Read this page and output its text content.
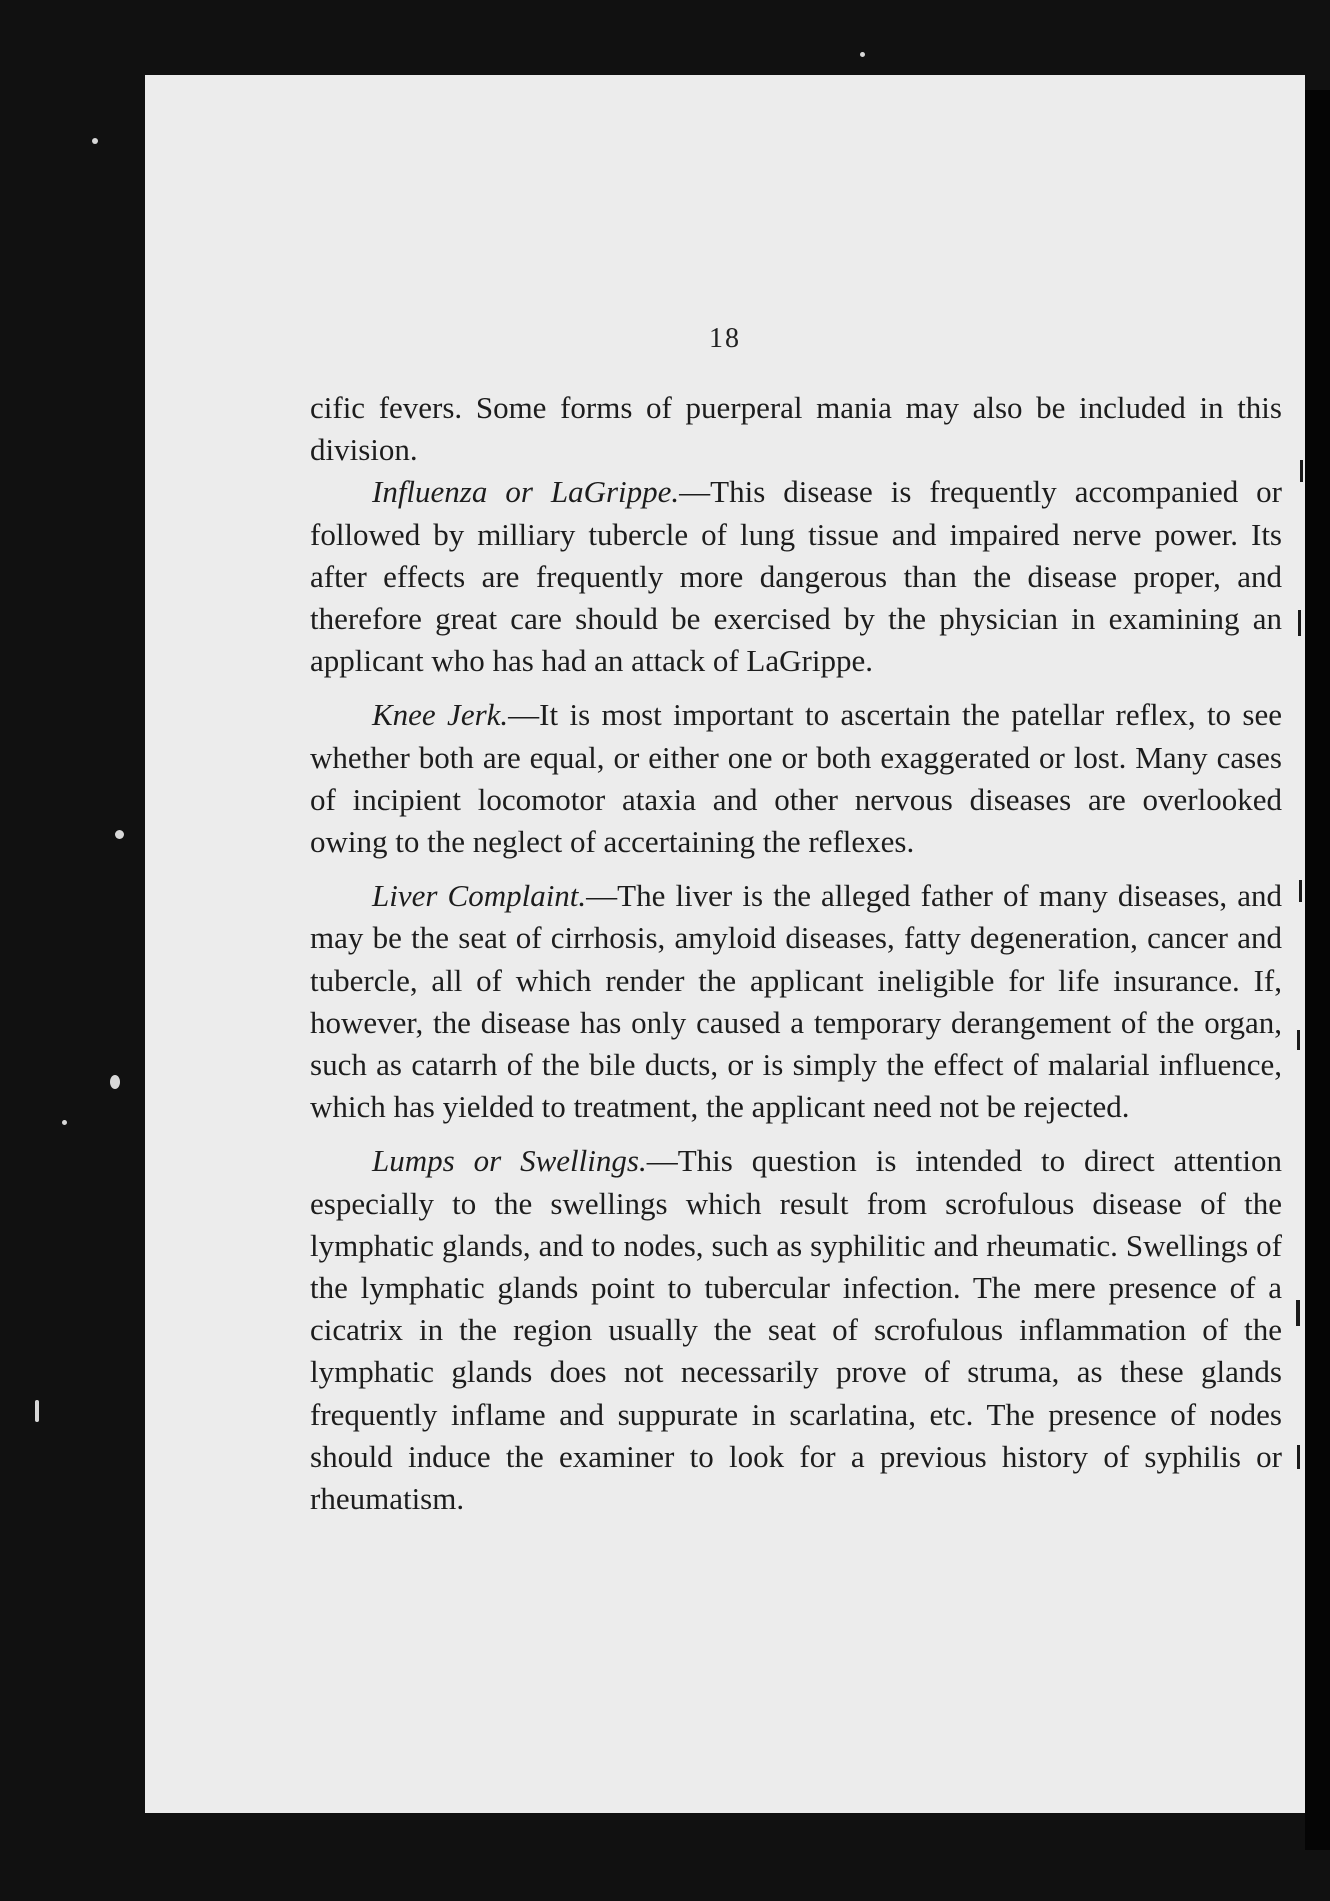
18

cific fevers. Some forms of puerperal mania may also be included in this division.

Influenza or LaGrippe.—This disease is frequently accompanied or followed by milliary tubercle of lung tissue and impaired nerve power. Its after effects are frequently more dangerous than the disease proper, and therefore great care should be exercised by the physician in examining an applicant who has had an attack of LaGrippe.

Knee Jerk.—It is most important to ascertain the patellar reflex, to see whether both are equal, or either one or both exaggerated or lost. Many cases of incipient locomotor ataxia and other nervous diseases are overlooked owing to the neglect of accertaining the reflexes.

Liver Complaint.—The liver is the alleged father of many diseases, and may be the seat of cirrhosis, amyloid diseases, fatty degeneration, cancer and tubercle, all of which render the applicant ineligible for life insurance. If, however, the disease has only caused a temporary derangement of the organ, such as catarrh of the bile ducts, or is simply the effect of malarial influence, which has yielded to treatment, the applicant need not be rejected.

Lumps or Swellings.—This question is intended to direct attention especially to the swellings which result from scrofulous disease of the lymphatic glands, and to nodes, such as syphilitic and rheumatic. Swellings of the lymphatic glands point to tubercular infection. The mere presence of a cicatrix in the region usually the seat of scrofulous inflammation of the lymphatic glands does not necessarily prove of struma, as these glands frequently inflame and suppurate in scarlatina, etc. The presence of nodes should induce the examiner to look for a previous history of syphilis or rheumatism.
